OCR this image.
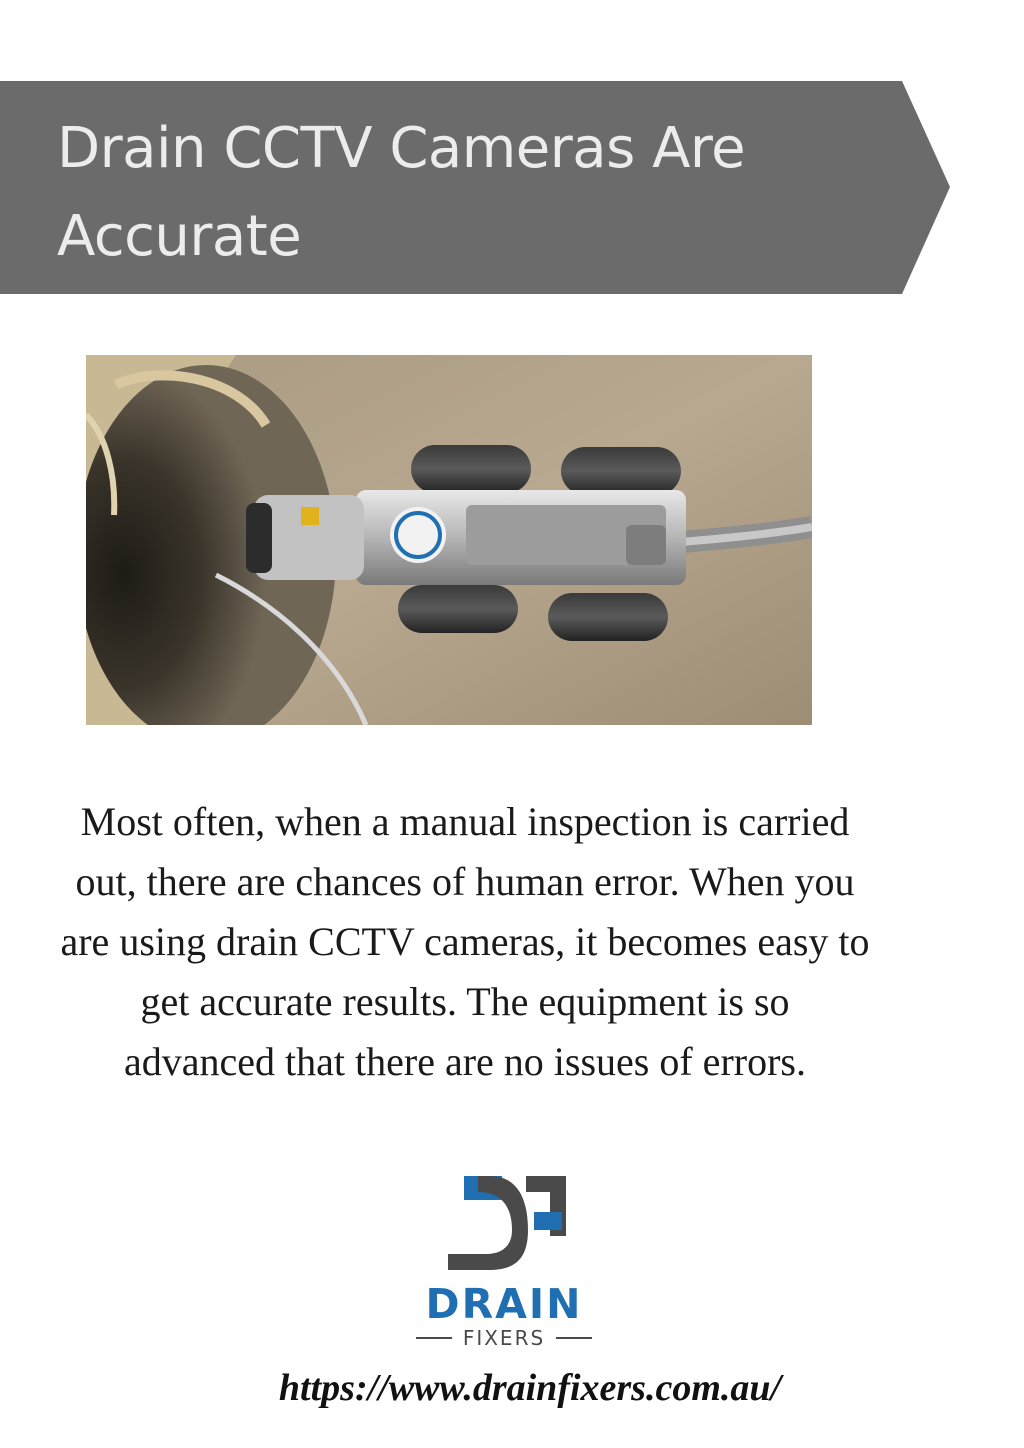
Drain CCTV Cameras Are Accurate

Most often, when a manual inspection is carried out, there are chances of human error. When you are using drain CCTV cameras, it becomes easy to get accurate results. The equipment is so advanced that there are no issues of errors.

DRAIN
FIXERS
https://www.drainfixers.com.au/
